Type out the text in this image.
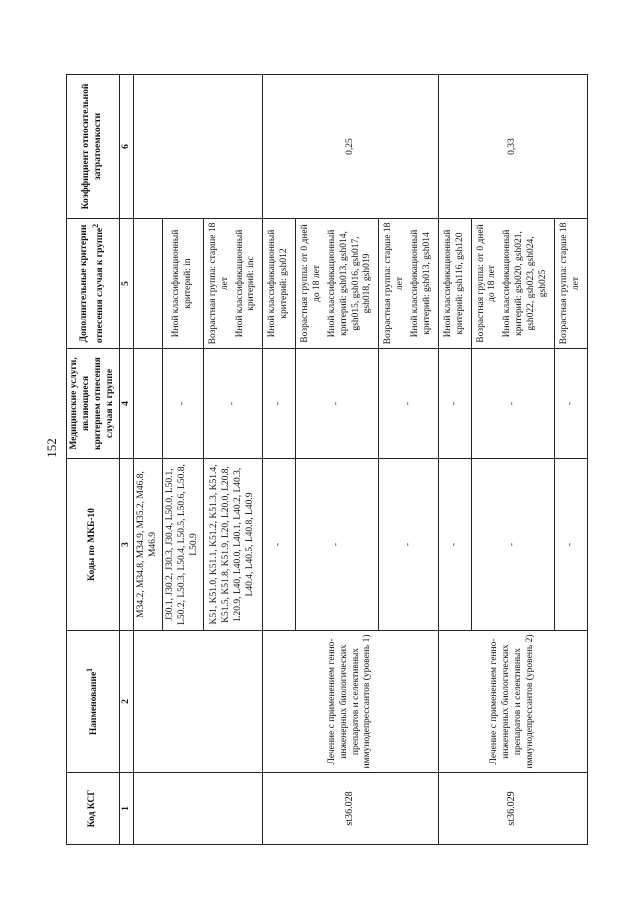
152
Код КСГ	Наименование$^1$	Коды по МКБ-10	Медицинские услуги, являющиеся критерием отнесения случая к группе	Дополнительные критерии отнесения случая к группе$^2$	Коэффициент относительной затратоемкости
1	2	3	4	5	6
		M34.2, M34.8, M34.9, M35.2, M46.8, M46.9			
		J30.1, J30.2, J30.3, J30.4, L50.0, L50.1, L50.2, L50.3, L50.4, L50.5, L50.6, L50.8, L50.9	-	Иной классификационный критерий: in	

		K51, K51.0, K51.1, K51.2, K51.3, K51.4, K51.5, K51.8, K51.9, L20, L20.0, L20.8, L20.9, L40, L40.0, L40.1, L40.2, L40.3, L40.4, L40.5, L40.8, L40.9	-	Возрастная группа: старше 18 лет Иной классификационный критерий: inc	

st36.028	Лечение с применением генно-инженерных биологических препаратов и селективных иммунодепрессантов (уровень 1)	-	-	Иной классификационный критерий: gsh012	0,25
		-	-	Возрастная группа: от 0 дней до 18 лет Иной классификационный критерий: gsh013, gsh014, gsh015, gsh016, gsh017, gsh018, gsh019	

		-	-	Возрастная группа: старше 18 лет Иной классификационный критерий: gsh013, gsh014	

st36.029	Лечение с применением генно-инженерных биологических препаратов и селективных иммунодепрессантов (уровень 2)	-	-	Иной классификационный критерий: gsh116, gsh120	0,33
		-	-	Возрастная группа: от 0 дней до 18 лет Иной классификационный критерий: gsh020, gsh021, gsh022, gsh023, gsh024, gsh025	

		-	-	Возрастная группа: старше 18 лет	
